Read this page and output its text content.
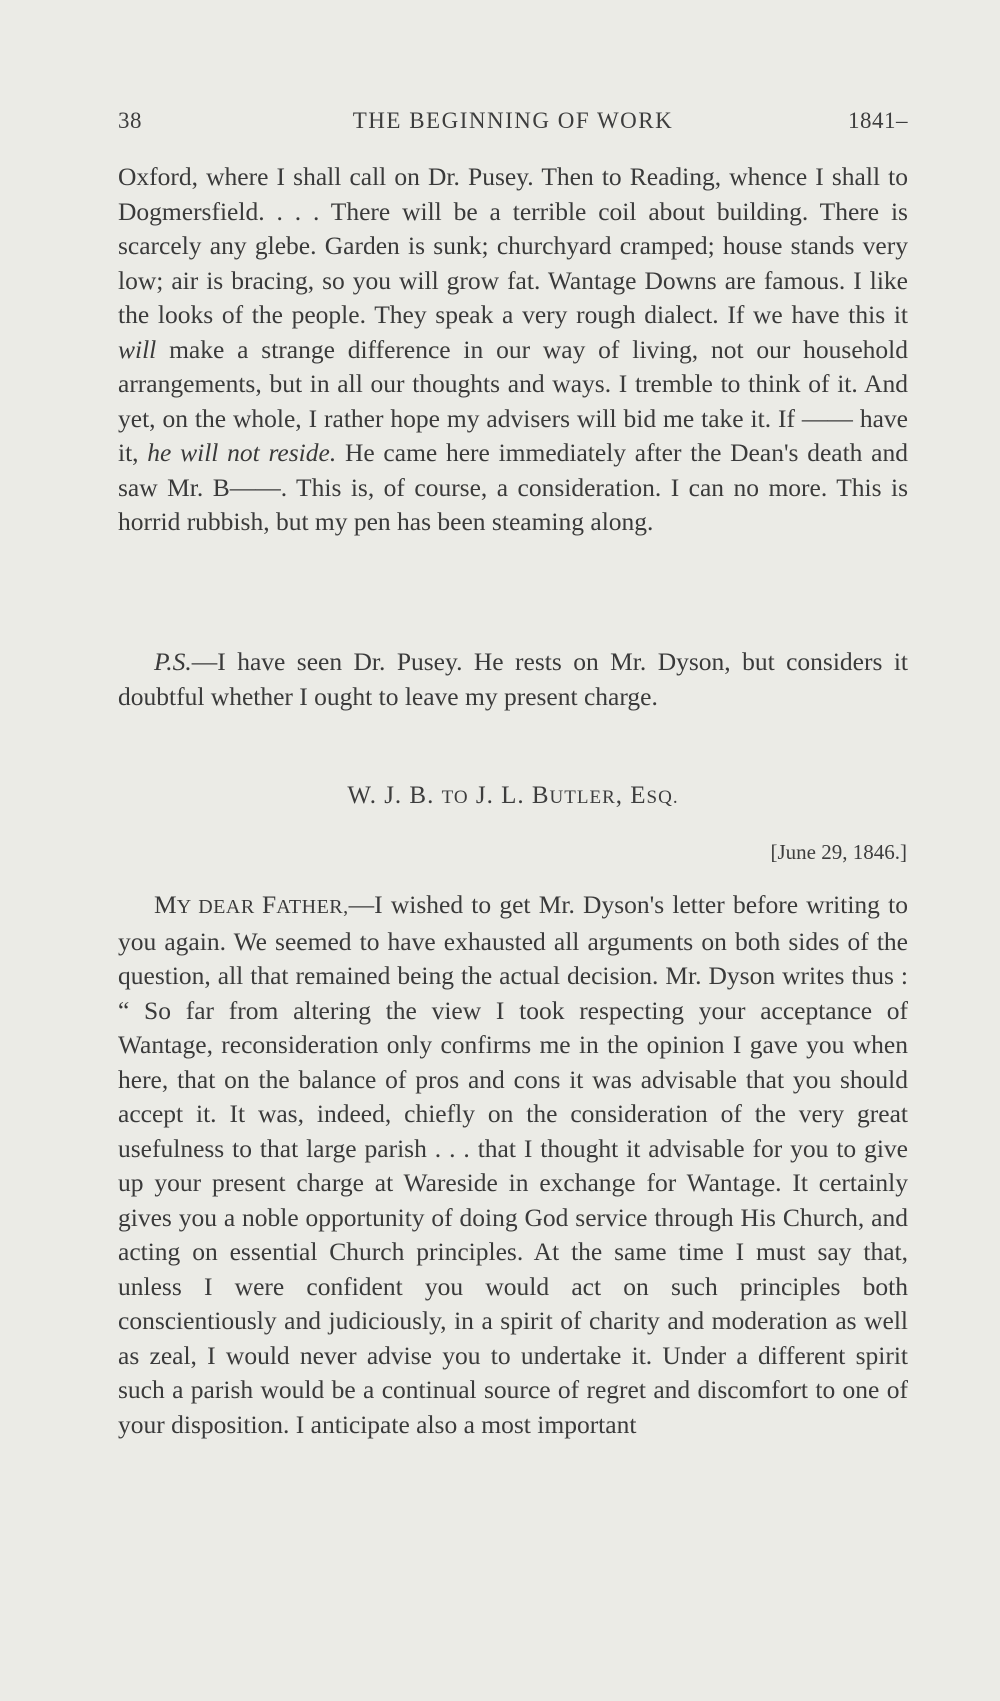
38	THE BEGINNING OF WORK	1841–

Oxford, where I shall call on Dr. Pusey. Then to Reading, whence I shall to Dogmersfield. . . . There will be a terrible coil about building. There is scarcely any glebe. Garden is sunk; churchyard cramped; house stands very low; air is bracing, so you will grow fat. Wantage Downs are famous. I like the looks of the people. They speak a very rough dialect. If we have this it will make a strange difference in our way of living, not our household arrangements, but in all our thoughts and ways. I tremble to think of it. And yet, on the whole, I rather hope my advisers will bid me take it. If —— have it, he will not reside. He came here immediately after the Dean's death and saw Mr. B——. This is, of course, a consideration. I can no more. This is horrid rubbish, but my pen has been steaming along.

P.S.—I have seen Dr. Pusey. He rests on Mr. Dyson, but considers it doubtful whether I ought to leave my present charge.

W. J. B. TO J. L. BUTLER, ESQ.

[June 29, 1846.]

MY DEAR FATHER,—I wished to get Mr. Dyson's letter before writing to you again. We seemed to have exhausted all arguments on both sides of the question, all that remained being the actual decision. Mr. Dyson writes thus : “ So far from altering the view I took respecting your acceptance of Wantage, reconsideration only confirms me in the opinion I gave you when here, that on the balance of pros and cons it was advisable that you should accept it. It was, indeed, chiefly on the consideration of the very great usefulness to that large parish . . . that I thought it advisable for you to give up your present charge at Wareside in exchange for Wantage. It certainly gives you a noble opportunity of doing God service through His Church, and acting on essential Church principles. At the same time I must say that, unless I were confident you would act on such principles both conscientiously and judiciously, in a spirit of charity and moderation as well as zeal, I would never advise you to undertake it. Under a different spirit such a parish would be a continual source of regret and discomfort to one of your disposition. I anticipate also a most important
